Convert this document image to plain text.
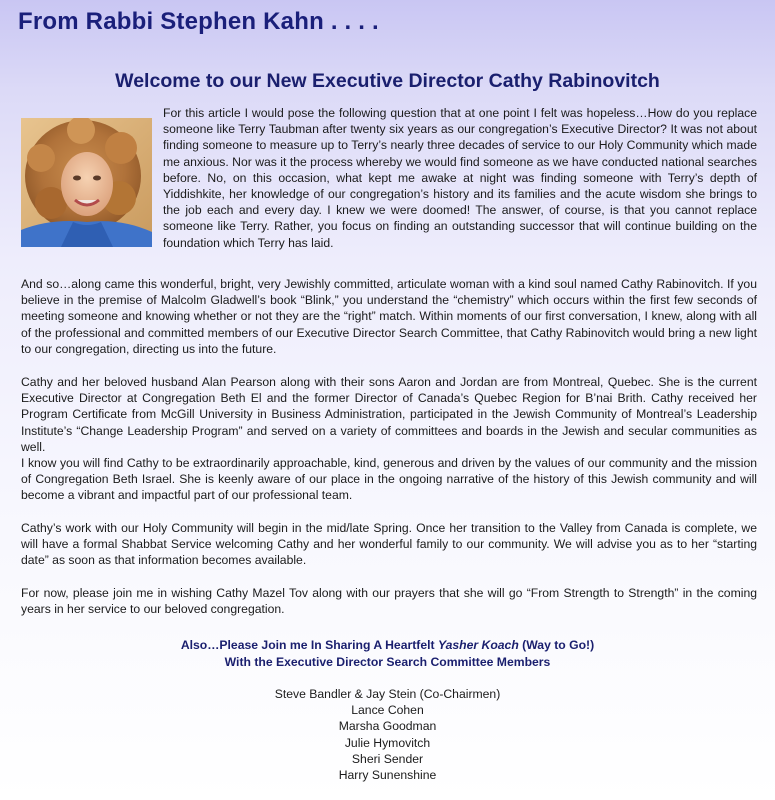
From Rabbi Stephen Kahn . . . .
Welcome to our New Executive Director Cathy Rabinovitch
For this article I would pose the following question that at one point I felt was hopeless…How do you replace someone like Terry Taubman after twenty six years as our congregation’s Executive Director? It was not about finding someone to measure up to Terry’s nearly three decades of service to our Holy Community which made me anxious. Nor was it the process whereby we would find someone as we have conducted national searches before. No, on this occasion, what kept me awake at night was finding someone with Terry’s depth of Yiddishkite, her knowledge of our congregation’s history and its families and the acute wisdom she brings to the job each and every day. I knew we were doomed! The answer, of course, is that you cannot replace someone like Terry. Rather, you focus on finding an outstanding successor that will continue building on the foundation which Terry has laid.
And so…along came this wonderful, bright, very Jewishly committed, articulate woman with a kind soul named Cathy Rabinovitch. If you believe in the premise of Malcolm Gladwell’s book “Blink,” you understand the “chemistry” which occurs within the first few seconds of meeting someone and knowing whether or not they are the “right” match. Within moments of our first conversation, I knew, along with all of the professional and committed members of our Executive Director Search Committee, that Cathy Rabinovitch would bring a new light to our congregation, directing us into the future.
Cathy and her beloved husband Alan Pearson along with their sons Aaron and Jordan are from Montreal, Quebec. She is the current Executive Director at Congregation Beth El and the former Director of Canada’s Quebec Region for B’nai Brith. Cathy received her Program Certificate from McGill University in Business Administration, participated in the Jewish Community of Montreal’s Leadership Institute’s “Change Leadership Program” and served on a variety of committees and boards in the Jewish and secular communities as well.
I know you will find Cathy to be extraordinarily approachable, kind, generous and driven by the values of our community and the mission of Congregation Beth Israel. She is keenly aware of our place in the ongoing narrative of the history of this Jewish community and will become a vibrant and impactful part of our professional team.
Cathy’s work with our Holy Community will begin in the mid/late Spring. Once her transition to the Valley from Canada is complete, we will have a formal Shabbat Service welcoming Cathy and her wonderful family to our community. We will advise you as to her “starting date” as soon as that information becomes available.
For now, please join me in wishing Cathy Mazel Tov along with our prayers that she will go “From Strength to Strength” in the coming years in her service to our beloved congregation.
Also…Please Join me In Sharing A Heartfelt Yasher Koach (Way to Go!)
With the Executive Director Search Committee Members
Steve Bandler & Jay Stein (Co-Chairmen)
Lance Cohen
Marsha Goodman
Julie Hymovitch
Sheri Sender
Harry Sunenshine
